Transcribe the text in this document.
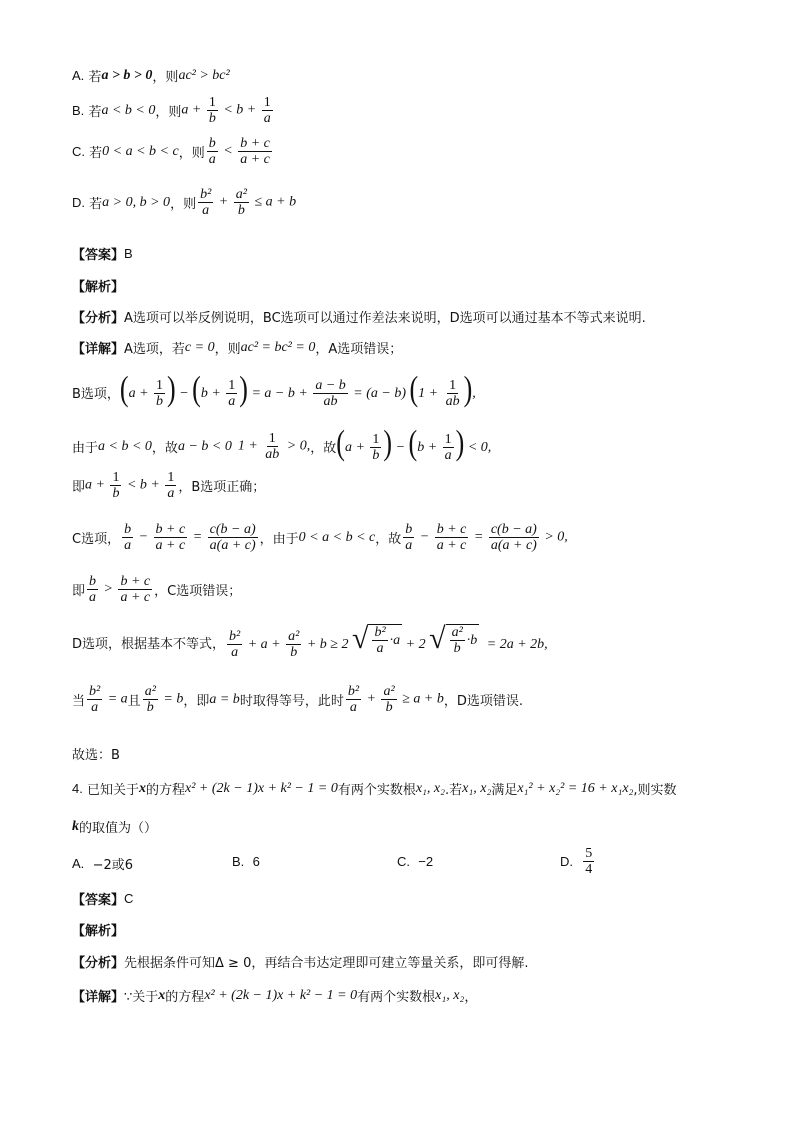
A.
若 a > b > 0 ，则 ac² > bc²
B.
若 a < b < 0 ，则 $a + \frac{1}{b} < b + \frac{1}{a}$
C.
若 0 < a < b < c ，则 $\frac{b}{a} < \frac{b + c}{a + c}$
D.
若 a > 0, b > 0 ，则 $\frac{\text{b²}}{a} + \frac{\text{a²}}{b} \le a + b$
【答案】 B
【解析】
【分析】 A选项可以举反例说明，BC选项可以通过作差法来说明，D选项可以通过基本不等式来说明.
【详解】 A选项，若 c = 0 ，则 ac² = bc² = 0 ，A选项错误；
B选项， ($a + \frac{1}{b}$ ) − ($b + \frac{1}{a}$ ) = $a - b + \frac{a - b}{ab} = (a - b) (1 + \frac{1}{ab}$ ),
由于 a < b < 0 ，故 a − b < 0 $1 + \frac{1}{ab} > 0$, ，故 ($a + \frac{1}{b}$ ) − ($b + \frac{1}{a}$ ) < 0,
即 $a + \frac{1}{b} < b + \frac{1}{a}$ ，B选项正确；
C选项， $\frac{b}{a} - \frac{b + c}{a + c} = \frac{c(b - a)}{a(a + c)}$ ，由于 0 < a < b < c ，故 $\frac{b}{a} - \frac{b + c}{a + c} = \frac{c(b - a)}{a(a + c)} > 0$,
即 $\frac{b}{a} > \frac{b + c}{a + c}$ ，C选项错误；
D选项，根据基本不等式， $\frac{\text{b²}}{a} + a + \frac{\text{a²}}{b} + b \ge 2$ √ $\frac{\text{b²}}{a} \cdot a + 2$ √ $\frac{\text{a²}}{b} \cdot b = 2a + 2b$,
当 $\frac{\text{b²}}{a} = a$ 且 $\frac{\text{a²}}{b} = b$ ，即 a = b 时取得等号，此时 $\frac{\text{b²}}{a} + \frac{\text{a²}}{b} \ge a + b$ ，D选项错误.
故选：B
4.
已知关于 x 的方程 x² + (2k − 1)x + k² − 1 = 0 有两个实数根 x₁, x₂ .若 x₁, x₂ 满足 x₁² + x₂² = 16 + x₁x₂ ,则实数
k 的取值为（）
A.
−2或6	B.
6	C.
−2	D.
$\frac{5}{4}$
【答案】 C
【解析】
【分析】 先根据条件可知Δ ≥ 0，再结合韦达定理即可建立等量关系，即可得解.
【详解】 ∵关于 x 的方程 x² + (2k − 1)x + k² − 1 = 0 有两个实数根 x₁, x₂ ，
